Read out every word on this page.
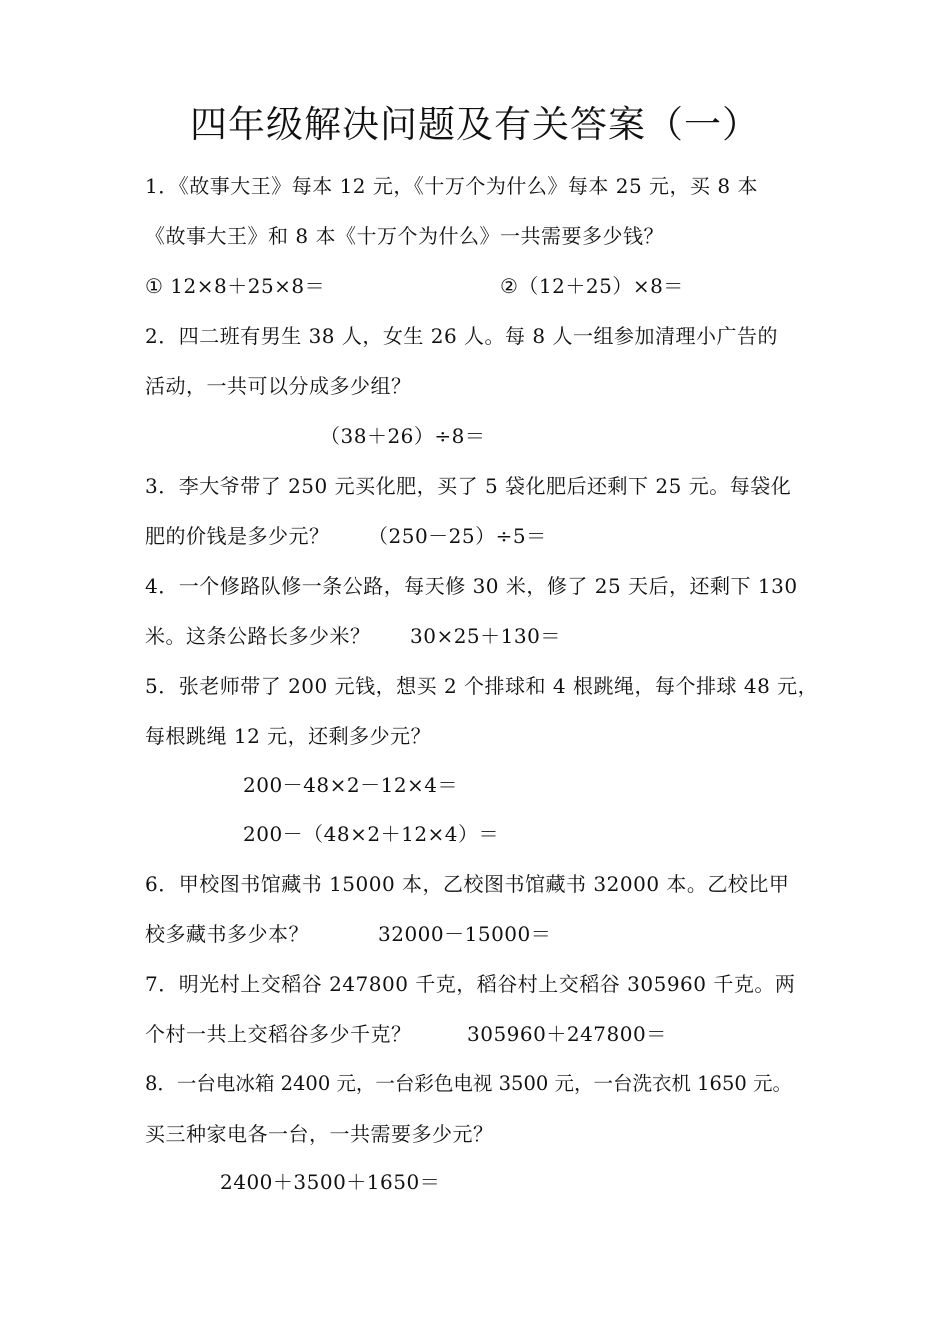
四年级解决问题及有关答案（一）
1．《故事大王》每本 12 元，《十万个为什么》每本 25 元，买 8 本
《故事大王》和 8 本《十万个为什么》一共需要多少钱？
① 12×8＋25×8＝	②（12＋25）×8＝
2．四二班有男生 38 人，女生 26 人。每 8 人一组参加清理小广告的
活动，一共可以分成多少组？
（38＋26）÷8＝
3．李大爷带了 250 元买化肥，买了 5 袋化肥后还剩下 25 元。每袋化
肥的价钱是多少元？ （250－25）÷5＝
4．一个修路队修一条公路，每天修 30 米，修了 25 天后，还剩下 130
米。这条公路长多少米？ 30×25＋130＝
5．张老师带了 200 元钱，想买 2 个排球和 4 根跳绳，每个排球 48 元，
每根跳绳 12 元，还剩多少元？
200－48×2－12×4＝
200－（48×2＋12×4）＝
6．甲校图书馆藏书 15000 本，乙校图书馆藏书 32000 本。乙校比甲
校多藏书多少本？	32000－15000＝
7．明光村上交稻谷 247800 千克，稻谷村上交稻谷 305960 千克。两
个村一共上交稻谷多少千克？	305960＋247800＝
8．一台电冰箱 2400 元，一台彩色电视 3500 元，一台洗衣机 1650 元。
买三种家电各一台，一共需要多少元？
2400＋3500＋1650＝
